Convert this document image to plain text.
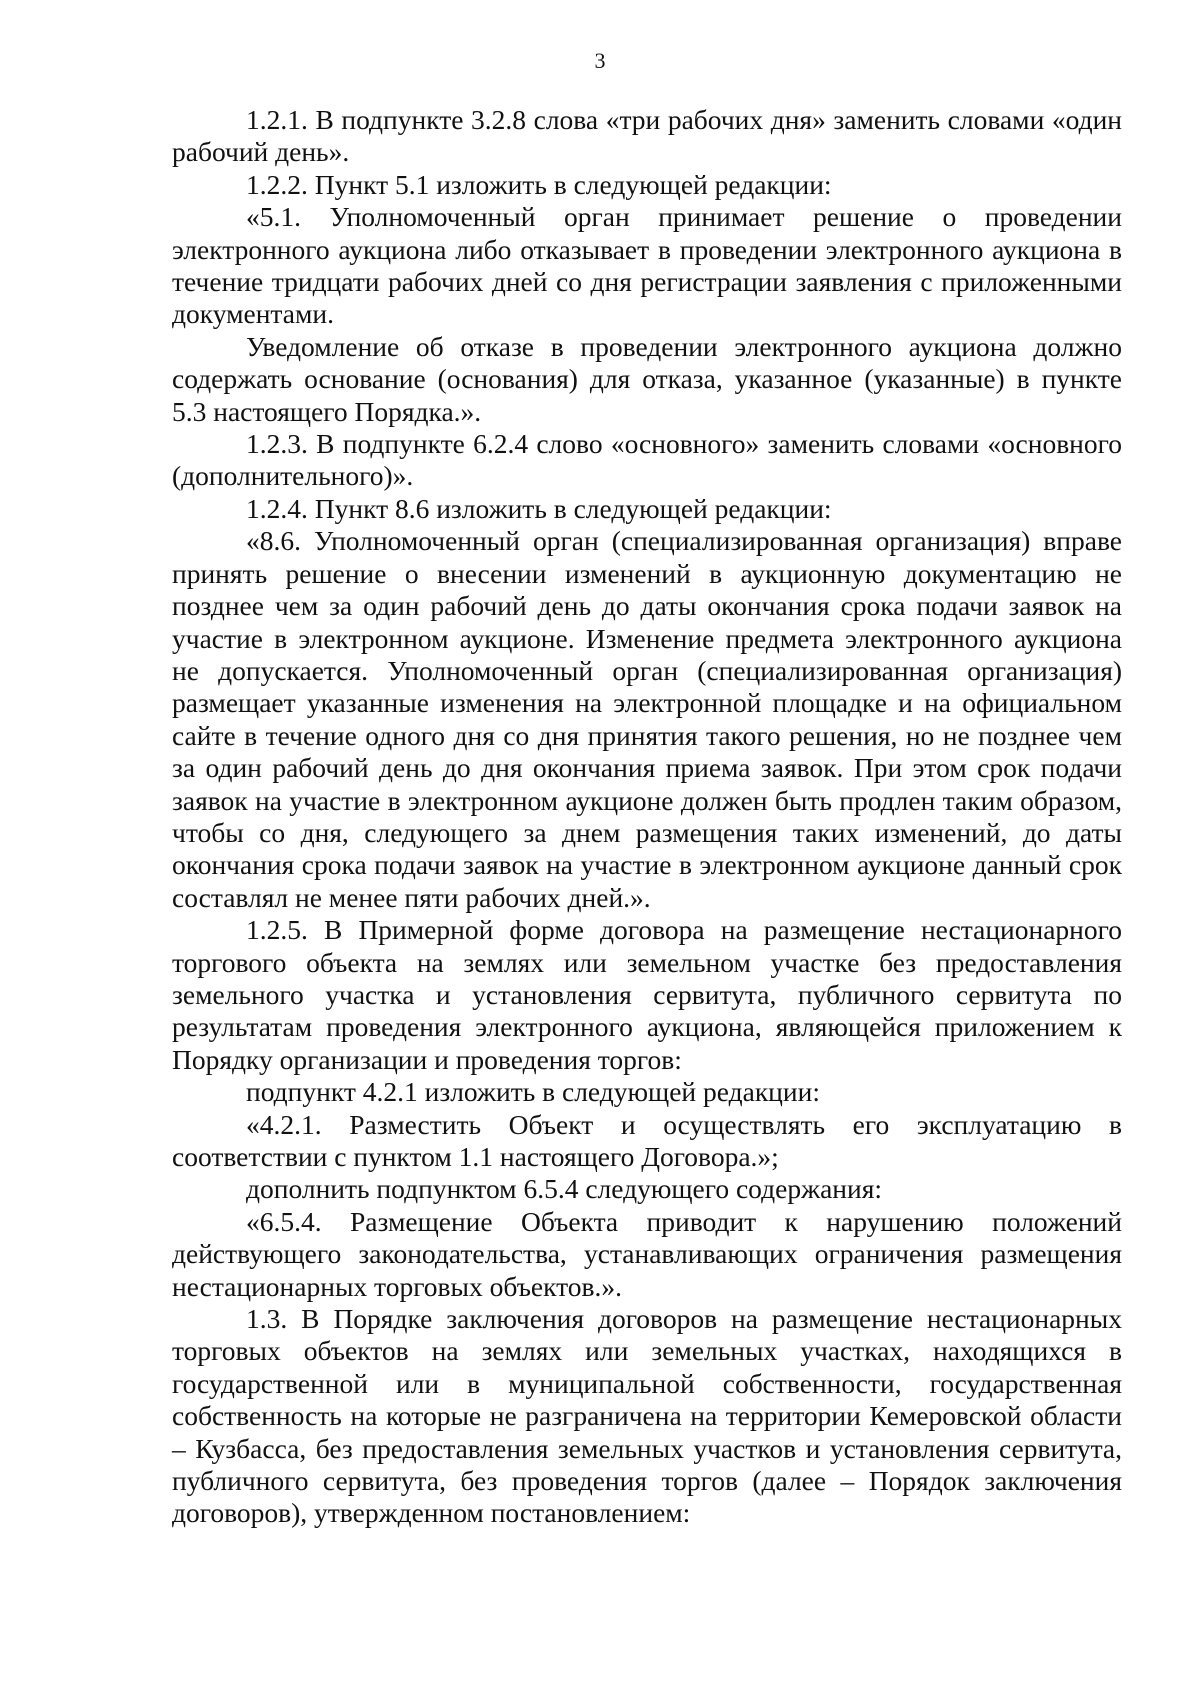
3

1.2.1. В подпункте 3.2.8 слова «три рабочих дня» заменить словами «один рабочий день».

1.2.2. Пункт 5.1 изложить в следующей редакции:

«5.1. Уполномоченный орган принимает решение о проведении электронного аукциона либо отказывает в проведении электронного аукциона в течение тридцати рабочих дней со дня регистрации заявления с приложенными документами.

Уведомление об отказе в проведении электронного аукциона должно содержать основание (основания) для отказа, указанное (указанные) в пункте 5.3 настоящего Порядка.».

1.2.3. В подпункте 6.2.4 слово «основного» заменить словами «основного (дополнительного)».

1.2.4. Пункт 8.6 изложить в следующей редакции:

«8.6. Уполномоченный орган (специализированная организация) вправе принять решение о внесении изменений в аукционную документацию не позднее чем за один рабочий день до даты окончания срока подачи заявок на участие в электронном аукционе. Изменение предмета электронного аукциона не допускается. Уполномоченный орган (специализированная организация) размещает указанные изменения на электронной площадке и на официальном сайте в течение одного дня со дня принятия такого решения, но не позднее чем за один рабочий день до дня окончания приема заявок. При этом срок подачи заявок на участие в электронном аукционе должен быть продлен таким образом, чтобы со дня, следующего за днем размещения таких изменений, до даты окончания срока подачи заявок на участие в электронном аукционе данный срок составлял не менее пяти рабочих дней.».

1.2.5. В Примерной форме договора на размещение нестационарного торгового объекта на землях или земельном участке без предоставления земельного участка и установления сервитута, публичного сервитута по результатам проведения электронного аукциона, являющейся приложением к Порядку организации и проведения торгов:

подпункт 4.2.1 изложить в следующей редакции:

«4.2.1. Разместить Объект и осуществлять его эксплуатацию в соответствии с пунктом 1.1 настоящего Договора.»;

дополнить подпунктом 6.5.4 следующего содержания:

«6.5.4. Размещение Объекта приводит к нарушению положений действующего законодательства, устанавливающих ограничения размещения нестационарных торговых объектов.».

1.3. В Порядке заключения договоров на размещение нестационарных торговых объектов на землях или земельных участках, находящихся в государственной или в муниципальной собственности, государственная собственность на которые не разграничена на территории Кемеровской области – Кузбасса, без предоставления земельных участков и установления сервитута, публичного сервитута, без проведения торгов (далее – Порядок заключения договоров), утвержденном постановлением:
